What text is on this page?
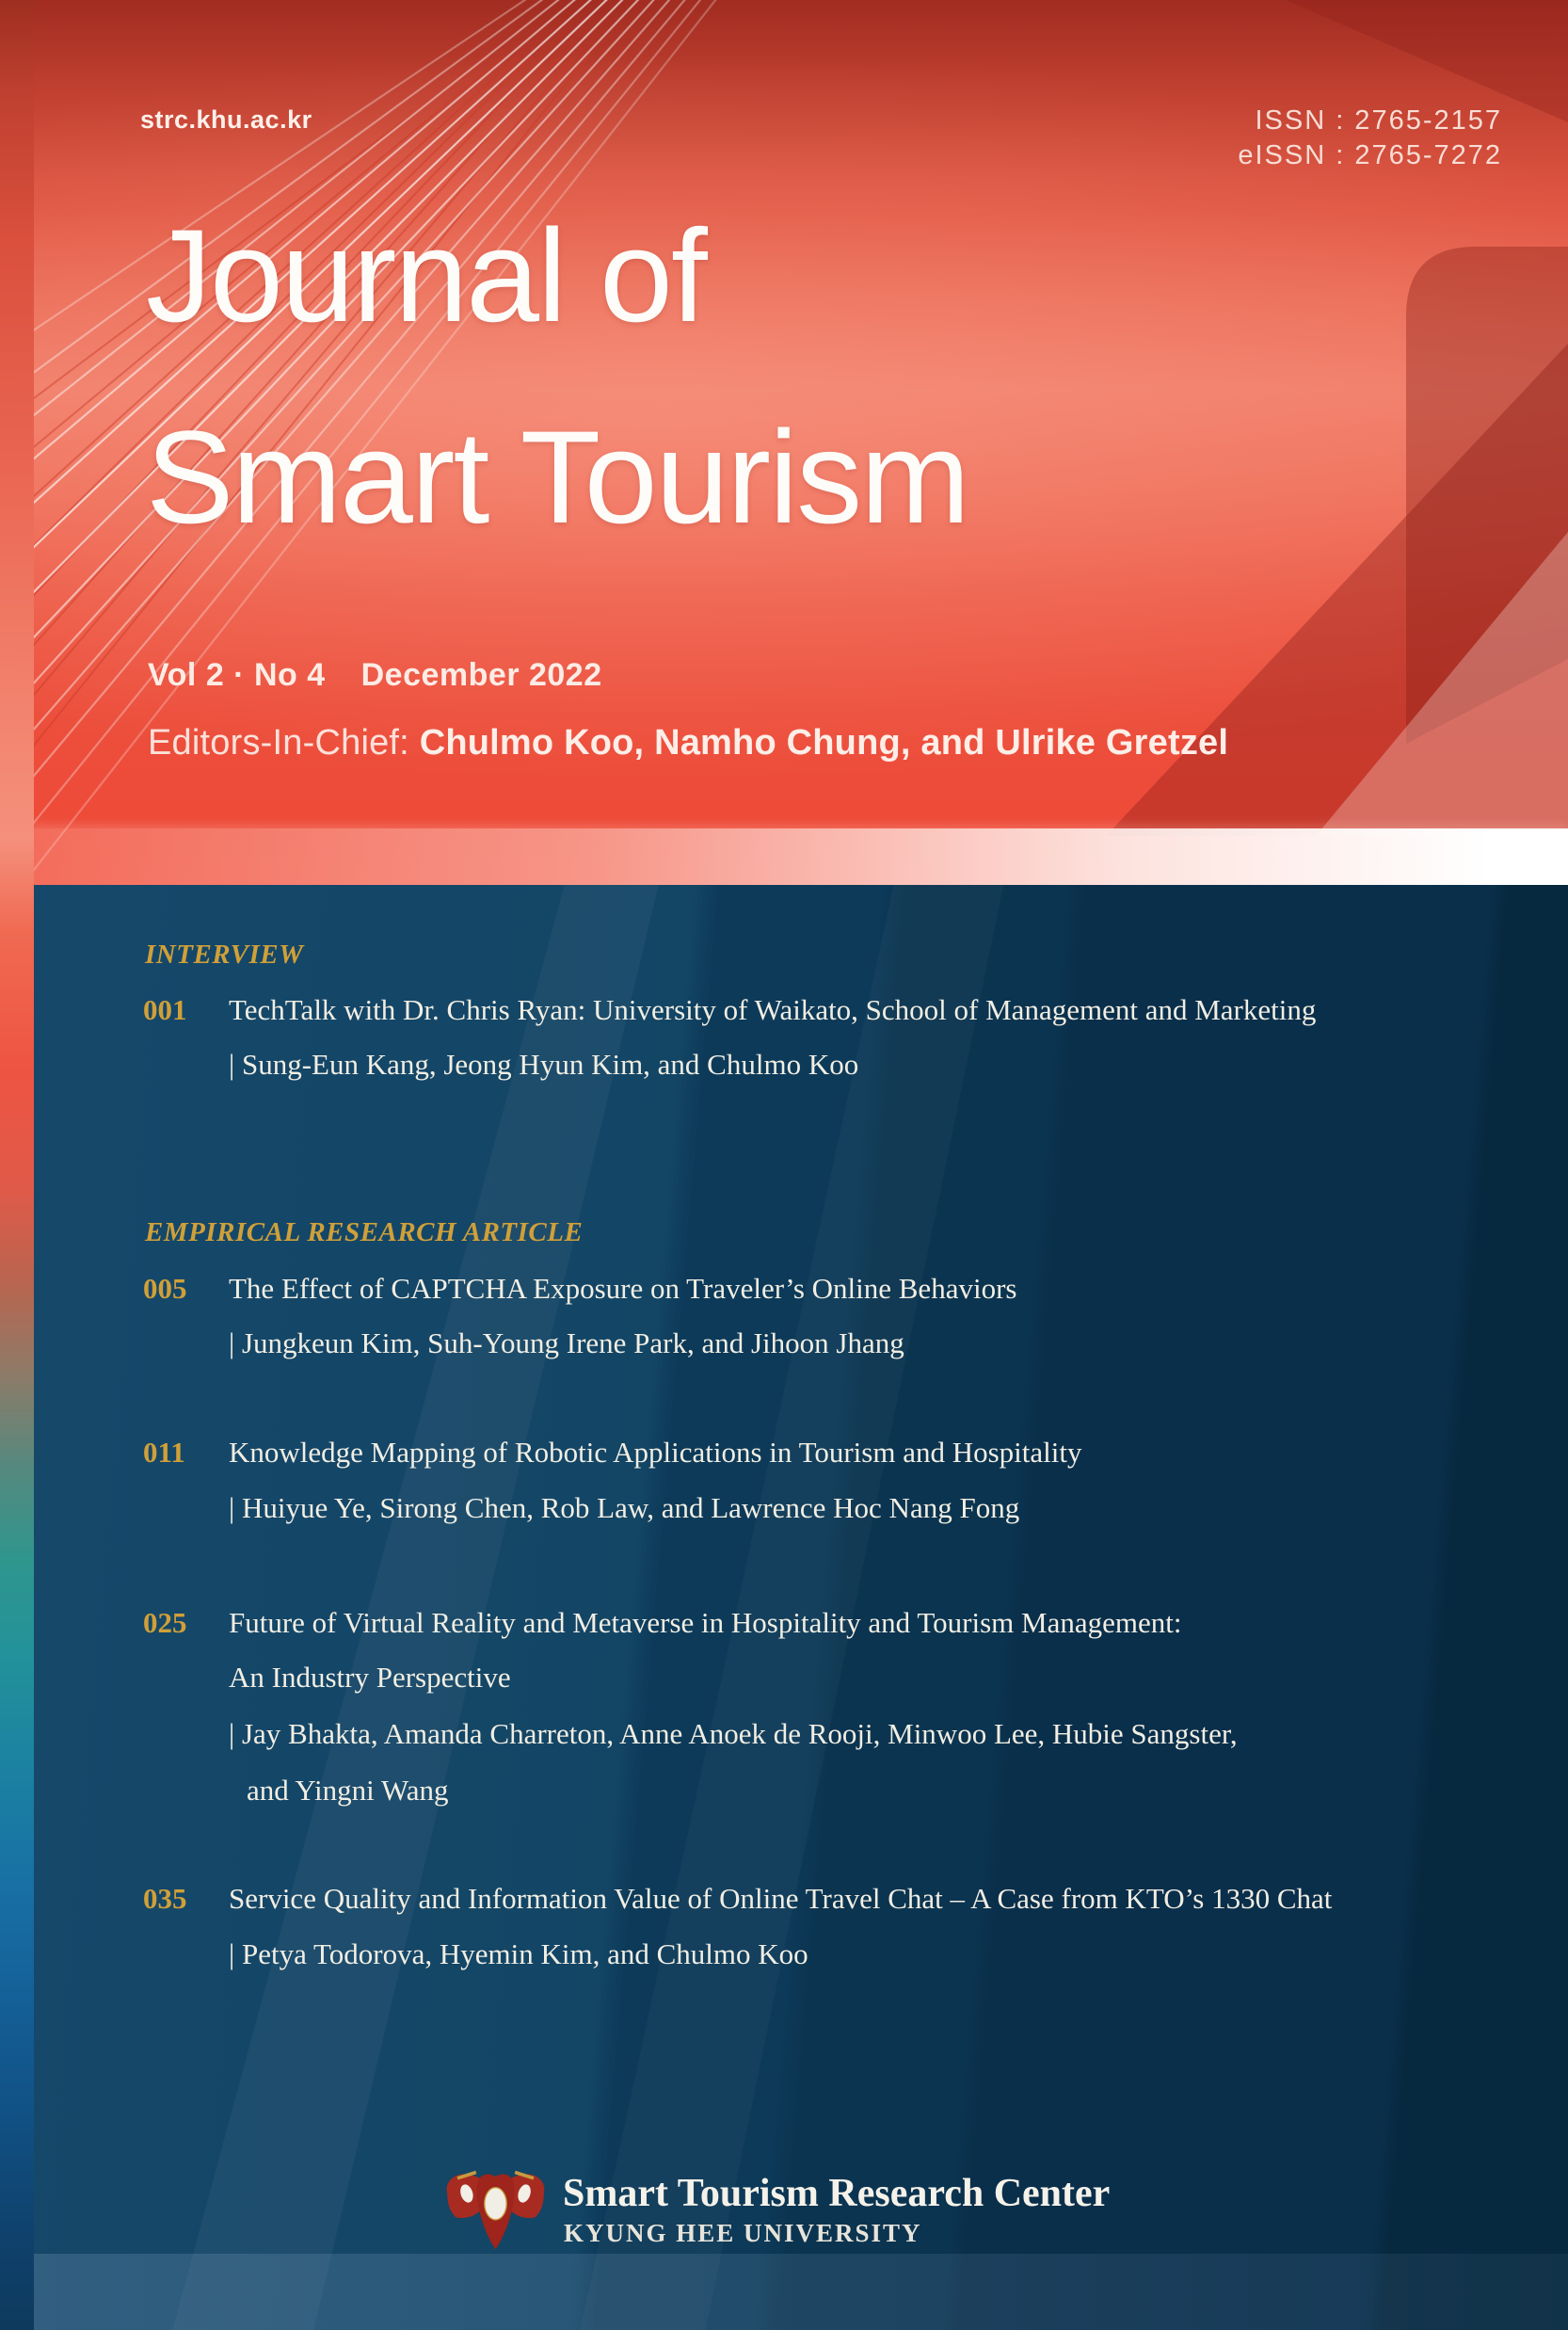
strc.khu.ac.kr	ISSN : 2765-2157
eISSN : 2765-7272
Journal of
Smart Tourism
Vol 2 · No 4 December 2022
Editors-In-Chief: Chulmo Koo, Namho Chung, and Ulrike Gretzel
INTERVIEW
001 TechTalk with Dr. Chris Ryan: University of Waikato, School of Management and Marketing
| Sung-Eun Kang, Jeong Hyun Kim, and Chulmo Koo
EMPIRICAL RESEARCH ARTICLE
005 The Effect of CAPTCHA Exposure on Traveler’s Online Behaviors
| Jungkeun Kim, Suh-Young Irene Park, and Jihoon Jhang
011 Knowledge Mapping of Robotic Applications in Tourism and Hospitality
| Huiyue Ye, Sirong Chen, Rob Law, and Lawrence Hoc Nang Fong
025 Future of Virtual Reality and Metaverse in Hospitality and Tourism Management:
An Industry Perspective
| Jay Bhakta, Amanda Charreton, Anne Anoek de Rooji, Minwoo Lee, Hubie Sangster,
and Yingni Wang
035 Service Quality and Information Value of Online Travel Chat – A Case from KTO’s 1330 Chat
| Petya Todorova, Hyemin Kim, and Chulmo Koo
Smart Tourism Research Center
KYUNG HEE UNIVERSITY
